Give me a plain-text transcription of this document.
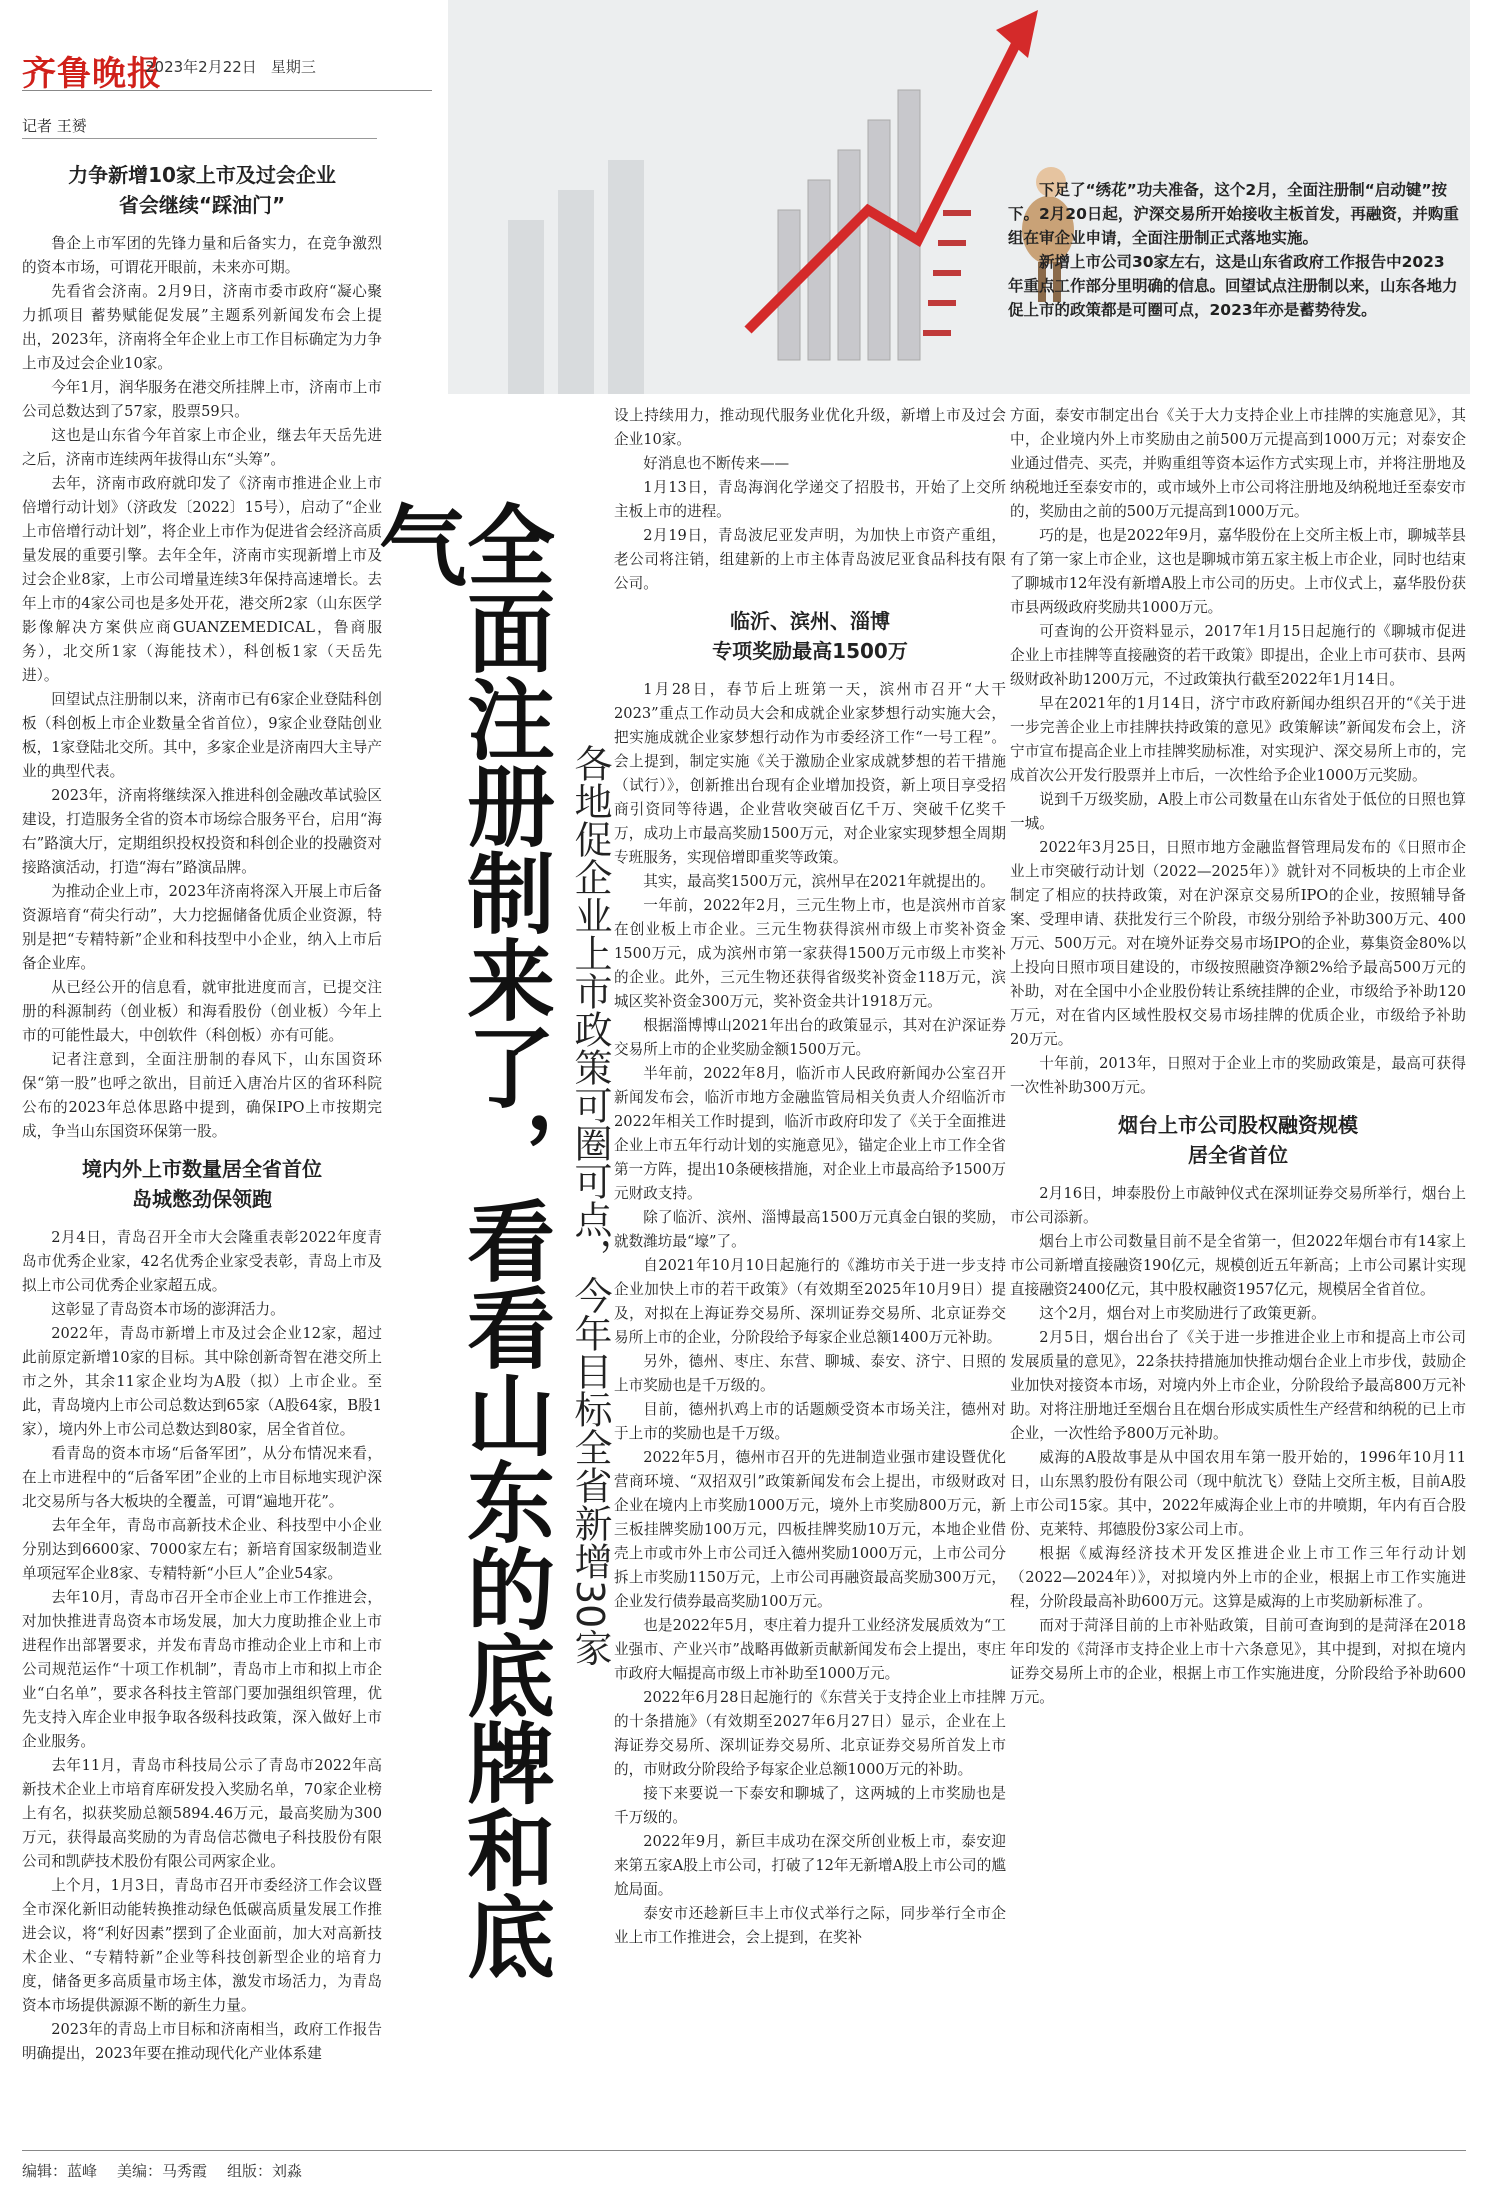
齐鲁晚报
2023年2月22日 星期三
记者 王赟

下足了“绣花”功夫准备，这个2月，全面注册制“启动键”按下。2月20日起，沪深交易所开始接收主板首发，再融资，并购重组在审企业申请，全面注册制正式落地实施。

新增上市公司30家左右，这是山东省政府工作报告中2023年重点工作部分里明确的信息。回望试点注册制以来，山东各地力促上市的政策都是可圈可点，2023年亦是蓄势待发。

全面注册制来了，看看山东的底牌和底气
各地促企业上市政策可圈可点，今年目标全省新增30家
力争新增10家上市及过会企业
省会继续“踩油门”

鲁企上市军团的先锋力量和后备实力，在竞争激烈的资本市场，可谓花开眼前，未来亦可期。

先看省会济南。2月9日，济南市委市政府“凝心聚力抓项目 蓄势赋能促发展”主题系列新闻发布会上提出，2023年，济南将全年企业上市工作目标确定为力争上市及过会企业10家。

今年1月，润华服务在港交所挂牌上市，济南市上市公司总数达到了57家，股票59只。

这也是山东省今年首家上市企业，继去年天岳先进之后，济南市连续两年拔得山东“头筹”。

去年，济南市政府就印发了《济南市推进企业上市倍增行动计划》（济政发〔2022〕15号），启动了“企业上市倍增行动计划”，将企业上市作为促进省会经济高质量发展的重要引擎。去年全年，济南市实现新增上市及过会企业8家，上市公司增量连续3年保持高速增长。去年上市的4家公司也是多处开花，港交所2家（山东医学影像解决方案供应商GUANZEMEDICAL，鲁商服务），北交所1家（海能技术），科创板1家（天岳先进）。

回望试点注册制以来，济南市已有6家企业登陆科创板（科创板上市企业数量全省首位），9家企业登陆创业板，1家登陆北交所。其中，多家企业是济南四大主导产业的典型代表。

2023年，济南将继续深入推进科创金融改革试验区建设，打造服务全省的资本市场综合服务平台，启用“海右”路演大厅，定期组织投权投资和科创企业的投融资对接路演活动，打造“海右”路演品牌。

为推动企业上市，2023年济南将深入开展上市后备资源培育“荷尖行动”，大力挖掘储备优质企业资源，特别是把“专精特新”企业和科技型中小企业，纳入上市后备企业库。

从已经公开的信息看，就审批进度而言，已提交注册的科源制药（创业板）和海看股份（创业板）今年上市的可能性最大，中创软件（科创板）亦有可能。

记者注意到，全面注册制的春风下，山东国资环保“第一股”也呼之欲出，目前迁入唐冶片区的省环科院公布的2023年总体思路中提到，确保IPO上市按期完成，争当山东国资环保第一股。

境内外上市数量居全省首位
岛城憋劲保领跑

2月4日，青岛召开全市大会隆重表彰2022年度青岛市优秀企业家，42名优秀企业家受表彰，青岛上市及拟上市公司优秀企业家超五成。

这彰显了青岛资本市场的澎湃活力。

2022年，青岛市新增上市及过会企业12家，超过此前原定新增10家的目标。其中除创新奇智在港交所上市之外，其余11家企业均为A股（拟）上市企业。至此，青岛境内上市公司总数达到65家（A股64家，B股1家），境内外上市公司总数达到80家，居全省首位。

看青岛的资本市场“后备军团”，从分布情况来看，在上市进程中的“后备军团”企业的上市目标地实现沪深北交易所与各大板块的全覆盖，可谓“遍地开花”。

去年全年，青岛市高新技术企业、科技型中小企业分别达到6600家、7000家左右；新培育国家级制造业单项冠军企业8家、专精特新“小巨人”企业54家。

去年10月，青岛市召开全市企业上市工作推进会，对加快推进青岛资本市场发展，加大力度助推企业上市进程作出部署要求，并发布青岛市推动企业上市和上市公司规范运作“十项工作机制”，青岛市上市和拟上市企业“白名单”，要求各科技主管部门要加强组织管理，优先支持入库企业申报争取各级科技政策，深入做好上市企业服务。

去年11月，青岛市科技局公示了青岛市2022年高新技术企业上市培育库研发投入奖励名单，70家企业榜上有名，拟获奖励总额5894.46万元，最高奖励为300万元，获得最高奖励的为青岛信芯微电子科技股份有限公司和凯萨技术股份有限公司两家企业。

上个月，1月3日，青岛市召开市委经济工作会议暨全市深化新旧动能转换推动绿色低碳高质量发展工作推进会议，将“利好因素”摆到了企业面前，加大对高新技术企业、“专精特新”企业等科技创新型企业的培育力度，储备更多高质量市场主体，激发市场活力，为青岛资本市场提供源源不断的新生力量。

2023年的青岛上市目标和济南相当，政府工作报告明确提出，2023年要在推动现代化产业体系建

设上持续用力，推动现代服务业优化升级，新增上市及过会企业10家。

好消息也不断传来——

1月13日，青岛海润化学递交了招股书，开始了上交所主板上市的进程。

2月19日，青岛波尼亚发声明，为加快上市资产重组，老公司将注销，组建新的上市主体青岛波尼亚食品科技有限公司。

临沂、滨州、淄博
专项奖励最高1500万

1月28日，春节后上班第一天，滨州市召开“大干2023”重点工作动员大会和成就企业家梦想行动实施大会，把实施成就企业家梦想行动作为市委经济工作“一号工程”。会上提到，制定实施《关于激励企业家成就梦想的若干措施（试行）》，创新推出台现有企业增加投资，新上项目享受招商引资同等待遇，企业营收突破百亿千万、突破千亿奖千万，成功上市最高奖励1500万元，对企业家实现梦想全周期专班服务，实现倍增即重奖等政策。

其实，最高奖1500万元，滨州早在2021年就提出的。

一年前，2022年2月，三元生物上市，也是滨州市首家在创业板上市企业。三元生物获得滨州市级上市奖补资金1500万元，成为滨州市第一家获得1500万元市级上市奖补的企业。此外，三元生物还获得省级奖补资金118万元，滨城区奖补资金300万元，奖补资金共计1918万元。

根据淄博博山2021年出台的政策显示，其对在沪深证券交易所上市的企业奖励金额1500万元。

半年前，2022年8月，临沂市人民政府新闻办公室召开新闻发布会，临沂市地方金融监管局相关负责人介绍临沂市2022年相关工作时提到，临沂市政府印发了《关于全面推进企业上市五年行动计划的实施意见》，锚定企业上市工作全省第一方阵，提出10条硬核措施，对企业上市最高给予1500万元财政支持。

除了临沂、滨州、淄博最高1500万元真金白银的奖励，就数潍坊最“壕”了。

自2021年10月10日起施行的《潍坊市关于进一步支持企业加快上市的若干政策》（有效期至2025年10月9日）提及，对拟在上海证券交易所、深圳证券交易所、北京证券交易所上市的企业，分阶段给予每家企业总额1400万元补助。

另外，德州、枣庄、东营、聊城、泰安、济宁、日照的上市奖励也是千万级的。

目前，德州扒鸡上市的话题颇受资本市场关注，德州对于上市的奖励也是千万级。

2022年5月，德州市召开的先进制造业强市建设暨优化营商环境、“双招双引”政策新闻发布会上提出，市级财政对企业在境内上市奖励1000万元，境外上市奖励800万元，新三板挂牌奖励100万元，四板挂牌奖励10万元，本地企业借壳上市或市外上市公司迁入德州奖励1000万元，上市公司分拆上市奖励1150万元，上市公司再融资最高奖励300万元，企业发行债券最高奖励100万元。

也是2022年5月，枣庄着力提升工业经济发展质效为“工业强市、产业兴市”战略再做新贡献新闻发布会上提出，枣庄市政府大幅提高市级上市补助至1000万元。

2022年6月28日起施行的《东营关于支持企业上市挂牌的十条措施》（有效期至2027年6月27日）显示，企业在上海证券交易所、深圳证券交易所、北京证券交易所首发上市的，市财政分阶段给予每家企业总额1000万元的补助。

接下来要说一下泰安和聊城了，这两城的上市奖励也是千万级的。

2022年9月，新巨丰成功在深交所创业板上市，泰安迎来第五家A股上市公司，打破了12年无新增A股上市公司的尴尬局面。

泰安市还趁新巨丰上市仪式举行之际，同步举行全市企业上市工作推进会，会上提到，在奖补

方面，泰安市制定出台《关于大力支持企业上市挂牌的实施意见》，其中，企业境内外上市奖励由之前500万元提高到1000万元；对泰安企业通过借壳、买壳，并购重组等资本运作方式实现上市，并将注册地及纳税地迁至泰安市的，或市域外上市公司将注册地及纳税地迁至泰安市的，奖励由之前的500万元提高到1000万元。

巧的是，也是2022年9月，嘉华股份在上交所主板上市，聊城莘县有了第一家上市企业，这也是聊城市第五家主板上市企业，同时也结束了聊城市12年没有新增A股上市公司的历史。上市仪式上，嘉华股份获市县两级政府奖励共1000万元。

可查询的公开资料显示，2017年1月15日起施行的《聊城市促进企业上市挂牌等直接融资的若干政策》即提出，企业上市可获市、县两级财政补助1200万元，不过政策执行截至2022年1月14日。

早在2021年的1月14日，济宁市政府新闻办组织召开的“《关于进一步完善企业上市挂牌扶持政策的意见》政策解读”新闻发布会上，济宁市宣布提高企业上市挂牌奖励标准，对实现沪、深交易所上市的，完成首次公开发行股票并上市后，一次性给予企业1000万元奖励。

说到千万级奖励，A股上市公司数量在山东省处于低位的日照也算一城。

2022年3月25日，日照市地方金融监督管理局发布的《日照市企业上市突破行动计划（2022—2025年）》就针对不同板块的上市企业制定了相应的扶持政策，对在沪深京交易所IPO的企业，按照辅导备案、受理申请、获批发行三个阶段，市级分别给予补助300万元、400万元、500万元。对在境外证券交易市场IPO的企业，募集资金80%以上投向日照市项目建设的，市级按照融资净额2%给予最高500万元的补助，对在全国中小企业股份转让系统挂牌的企业，市级给予补助120万元，对在省内区域性股权交易市场挂牌的优质企业，市级给予补助20万元。

十年前，2013年，日照对于企业上市的奖励政策是，最高可获得一次性补助300万元。

烟台上市公司股权融资规模
居全省首位

2月16日，坤泰股份上市敲钟仪式在深圳证券交易所举行，烟台上市公司添新。

烟台上市公司数量目前不是全省第一，但2022年烟台市有14家上市公司新增直接融资190亿元，规模创近五年新高；上市公司累计实现直接融资2400亿元，其中股权融资1957亿元，规模居全省首位。

这个2月，烟台对上市奖励进行了政策更新。

2月5日，烟台出台了《关于进一步推进企业上市和提高上市公司发展质量的意见》，22条扶持措施加快推动烟台企业上市步伐，鼓励企业加快对接资本市场，对境内外上市企业，分阶段给予最高800万元补助。对将注册地迁至烟台且在烟台形成实质性生产经营和纳税的已上市企业，一次性给予800万元补助。

威海的A股故事是从中国农用车第一股开始的，1996年10月11日，山东黑豹股份有限公司（现中航沈飞）登陆上交所主板，目前A股上市公司15家。其中，2022年威海企业上市的井喷期，年内有百合股份、克莱特、邦德股份3家公司上市。

根据《威海经济技术开发区推进企业上市工作三年行动计划（2022—2024年）》，对拟境内外上市的企业，根据上市工作实施进程，分阶段最高补助600万元。这算是威海的上市奖励新标准了。

而对于菏泽目前的上市补贴政策，目前可查询到的是菏泽在2018年印发的《菏泽市支持企业上市十六条意见》，其中提到，对拟在境内证券交易所上市的企业，根据上市工作实施进度，分阶段给予补助600万元。

编辑：蓝峰 美编：马秀霞 组版：刘淼
